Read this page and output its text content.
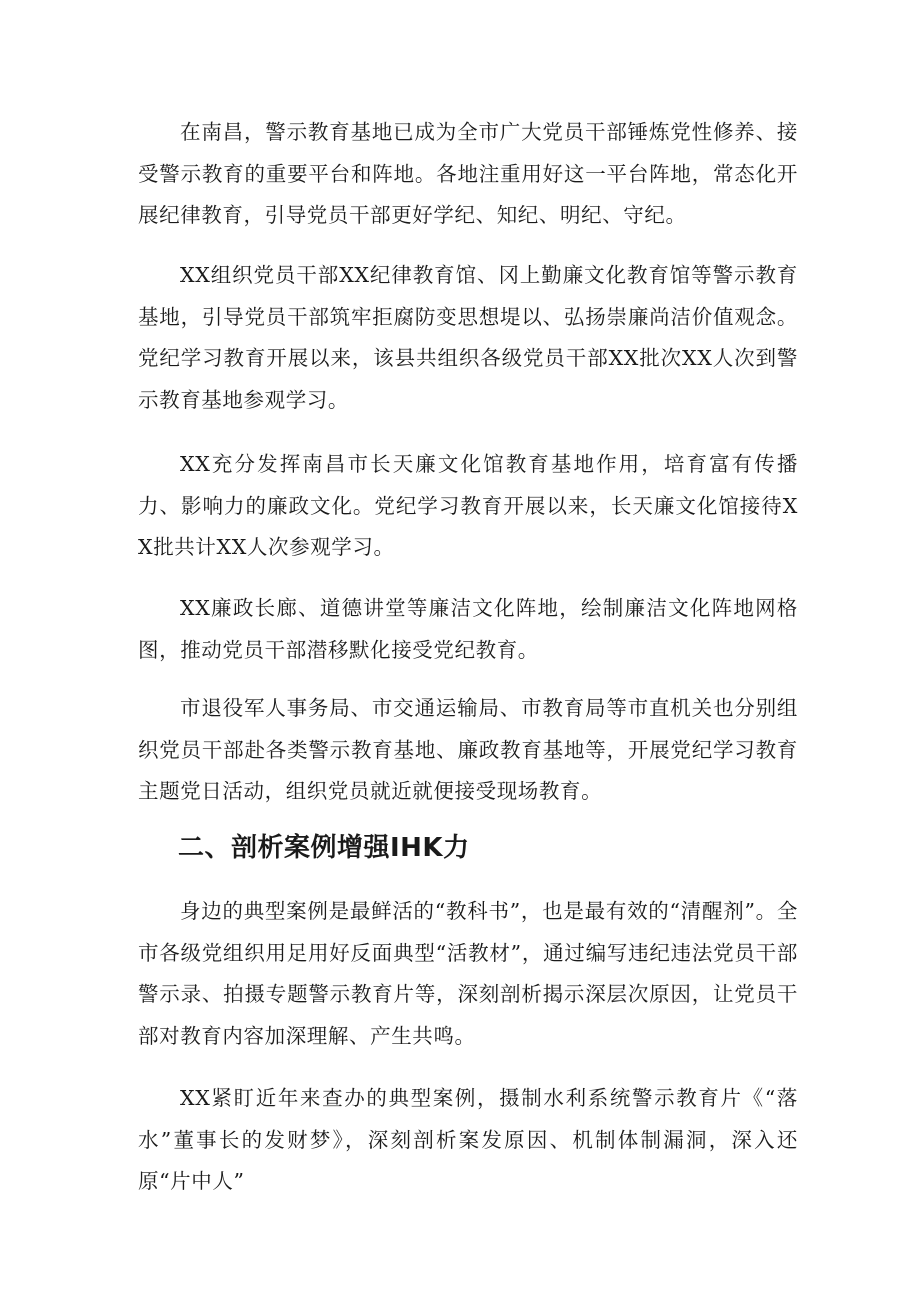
在南昌，警示教育基地已成为全市广大党员干部锤炼党性修养、接受警示教育的重要平台和阵地。各地注重用好这一平台阵地，常态化开展纪律教育，引导党员干部更好学纪、知纪、明纪、守纪。

XX组织党员干部XX纪律教育馆、冈上勤廉文化教育馆等警示教育基地，引导党员干部筑牢拒腐防变思想堤以、弘扬崇廉尚洁价值观念。党纪学习教育开展以来，该县共组织各级党员干部XX批次XX人次到警示教育基地参观学习。

XX充分发挥南昌市长天廉文化馆教育基地作用，培育富有传播力、影响力的廉政文化。党纪学习教育开展以来，长天廉文化馆接待XX批共计XX人次参观学习。

XX廉政长廊、道德讲堂等廉洁文化阵地，绘制廉洁文化阵地网格图，推动党员干部潜移默化接受党纪教育。

市退役军人事务局、市交通运输局、市教育局等市直机关也分别组织党员干部赴各类警示教育基地、廉政教育基地等，开展党纪学习教育主题党日活动，组织党员就近就便接受现场教育。

二、剖析案例增强IHK力

身边的典型案例是最鲜活的“教科书”，也是最有效的“清醒剂”。全市各级党组织用足用好反面典型“活教材”，通过编写违纪违法党员干部警示录、拍摄专题警示教育片等，深刻剖析揭示深层次原因，让党员干部对教育内容加深理解、产生共鸣。

XX紧盯近年来查办的典型案例，摄制水利系统警示教育片《“落水”董事长的发财梦》，深刻剖析案发原因、机制体制漏洞，深入还原“片中人”
